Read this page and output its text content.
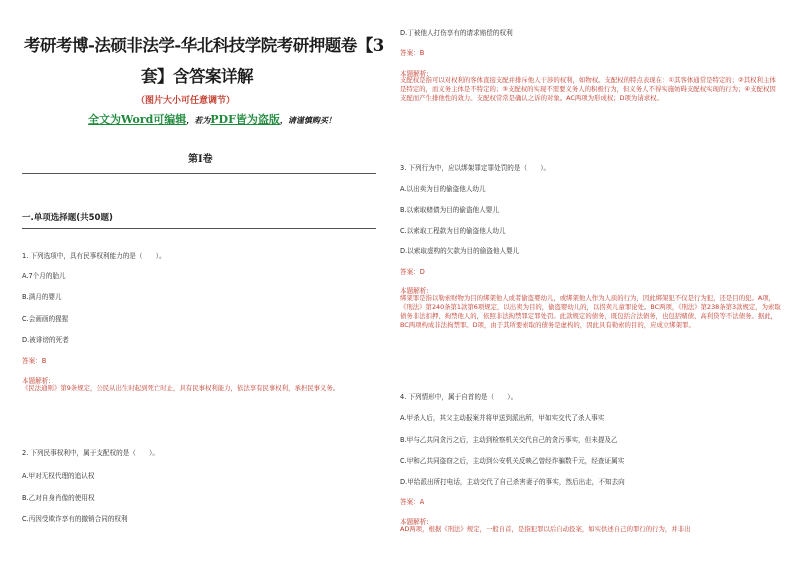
考研考博-法硕非法学-华北科技学院考研押题卷【3
套】含答案详解
（图片大小可任意调节）
全文为Word可编辑，若为PDF皆为盗版，请谨慎购买！
第I卷
一.单项选择题(共50题)
1. 下列选项中，具有民事权利能力的是（　　）。
A.7个月的胎儿
B.满月的婴儿
C.会画画的猩猩
D.被诽谤的死者
答案：B
本题解析:
《民法通则》第9条规定，公民从出生时起到死亡时止，具有民事权利能力，依法享有民事权利，承担民事义务。
2. 下列民事权利中，属于支配权的是（　　）。
A.甲对无权代理的追认权
B.乙对自身肖像的使用权
C.丙因受欺诈享有的撤销合同的权利
D.丁被他人打伤享有的请求赔偿的权利
答案：B
本题解析:
支配权是指可以对权利的客体直接支配并排斥他人干涉的权利，如物权。支配权的特点表现在：①其客体通常是特定的；②其权利主体是特定的，而义务主体是不特定的；③支配权的实现不需要义务人的积极行为，但义务人不得实施妨碍支配权实现的行为；④支配权因支配而产生排他性的效力。支配权常常是确认之诉的对象。AC两项为形成权；D项为请求权。
3. 下列行为中，应以绑架罪定罪处罚的是（　　）。
A.以出卖为目的偷盗他人幼儿
B.以索取赌债为目的偷盗他人婴儿
C.以索取工程款为目的偷盗他人幼儿
D.以索取虚构的欠款为目的偷盗他人婴儿
答案：D
本题解析:
绑架罪是指以勒索财物为目的绑架他人或者偷盗婴幼儿，或绑架他人作为人质的行为，因此绑架犯不仅是行为犯，还是目的犯。A项，《刑法》第240条第1款第6项规定，以出卖为目的，偷盗婴幼儿的，以拐卖儿童罪论处。BC两项，《刑法》第238条第3款规定，为索取债务非法扣押、拘禁他人的，依照非法拘禁罪定罪处罚。此款规定的债务，既包括合法债务，也包括赌债、高利贷等不法债务。据此，BC两项构成非法拘禁罪。D项，由于其所要索取的债务是虚构的，因此具有勒索的目的，应成立绑架罪。
4. 下列情形中，属于自首的是（　　）。
A.甲杀人后，其父主动报案并将甲送到派出所，甲如实交代了杀人事实
B.甲与乙共同贪污之后，主动到检察机关交代自己的贪污事实，但未提及乙
C.甲和乙共同盗窃之后，主动到公安机关反映乙曾经诈骗数千元，经查证属实
D.甲给派出所打电话，主动交代了自己杀害妻子的事实，然后出走，不知去向
答案：A
本题解析:
AD两项，根据《刑法》规定，一般自首，是指犯罪以后自动投案，如实供述自己的罪行的行为，并非出
